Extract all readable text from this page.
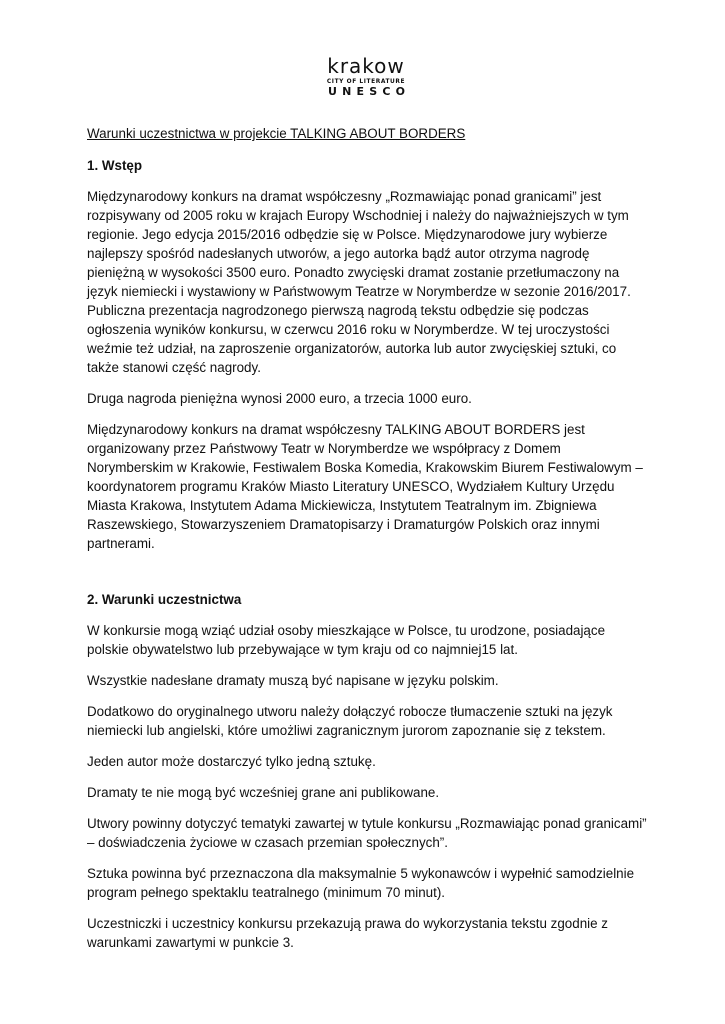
krakow
CITY OF LITERATURE
UNESCO
Warunki uczestnictwa w projekcie TALKING ABOUT BORDERS
1. Wstęp

Międzynarodowy konkurs na dramat współczesny „Rozmawiając ponad granicami” jest rozpisywany od 2005 roku w krajach Europy Wschodniej i należy do najważniejszych w tym regionie. Jego edycja 2015/2016 odbędzie się w Polsce. Międzynarodowe jury wybierze najlepszy spośród nadesłanych utworów, a jego autorka bądź autor otrzyma nagrodę pieniężną w wysokości 3500 euro. Ponadto zwycięski dramat zostanie przetłumaczony na język niemiecki i wystawiony w Państwowym Teatrze w Norymberdze w sezonie 2016/2017. Publiczna prezentacja nagrodzonego pierwszą nagrodą tekstu odbędzie się podczas ogłoszenia wyników konkursu, w czerwcu 2016 roku w Norymberdze. W tej uroczystości weźmie też udział, na zaproszenie organizatorów, autorka lub autor zwycięskiej sztuki, co także stanowi część nagrody.

Druga nagroda pieniężna wynosi 2000 euro, a trzecia 1000 euro.

Międzynarodowy konkurs na dramat współczesny TALKING ABOUT BORDERS jest organizowany przez Państwowy Teatr w Norymberdze we współpracy z Domem Norymberskim w Krakowie, Festiwalem Boska Komedia, Krakowskim Biurem Festiwalowym – koordynatorem programu Kraków Miasto Literatury UNESCO, Wydziałem Kultury Urzędu Miasta Krakowa, Instytutem Adama Mickiewicza, Instytutem Teatralnym im. Zbigniewa Raszewskiego, Stowarzyszeniem Dramatopisarzy i Dramaturgów Polskich oraz innymi partnerami.

2. Warunki uczestnictwa

W konkursie mogą wziąć udział osoby mieszkające w Polsce, tu urodzone, posiadające polskie obywatelstwo lub przebywające w tym kraju od co najmniej15 lat.

Wszystkie nadesłane dramaty muszą być napisane w języku polskim.

Dodatkowo do oryginalnego utworu należy dołączyć robocze tłumaczenie sztuki na język niemiecki lub angielski, które umożliwi zagranicznym jurorom zapoznanie się z tekstem.

Jeden autor może dostarczyć tylko jedną sztukę.

Dramaty te nie mogą być wcześniej grane ani publikowane.

Utwory powinny dotyczyć tematyki zawartej w tytule konkursu „Rozmawiając ponad granicami” – doświadczenia życiowe w czasach przemian społecznych”.

Sztuka powinna być przeznaczona dla maksymalnie 5 wykonawców i wypełnić samodzielnie program pełnego spektaklu teatralnego (minimum 70 minut).

Uczestniczki i uczestnicy konkursu przekazują prawa do wykorzystania tekstu zgodnie z warunkami zawartymi w punkcie 3.
